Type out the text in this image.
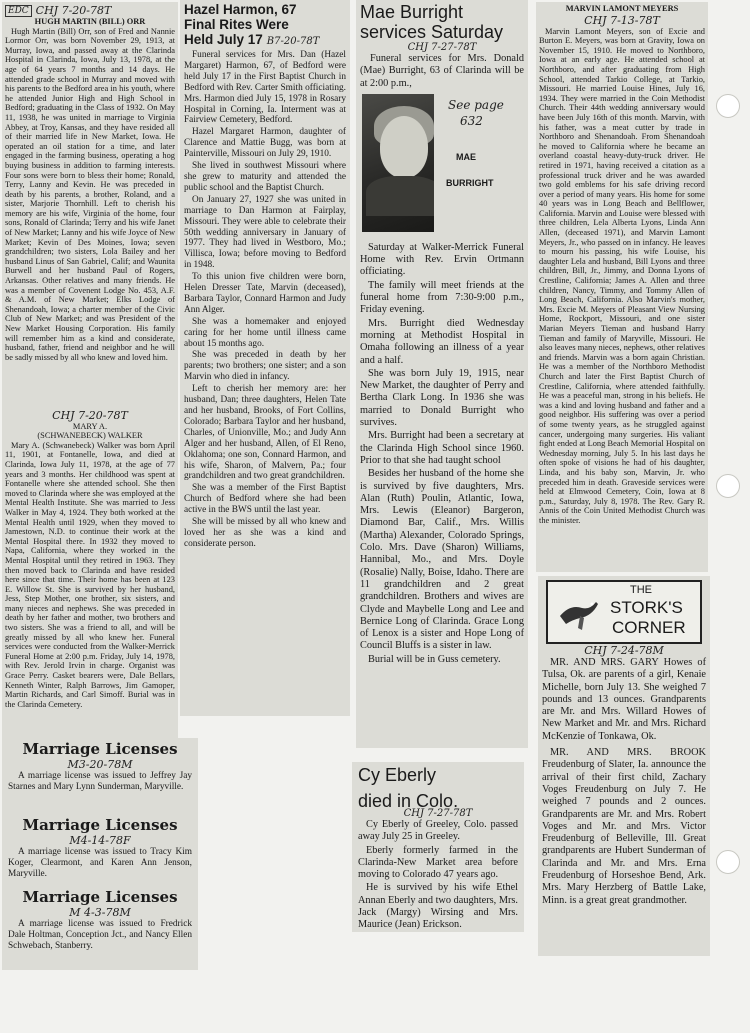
EDC CHJ 7-20-78T
HUGH MARTIN (BILL) ORR
Hugh Martin (Bill) Orr, son of Fred and Nannie Lormor Orr, was born November 29, 1913, at Murray, Iowa, and passed away at the Clarinda Hospital in Clarinda, Iowa, July 13, 1978, at the age of 64 years 7 months and 14 days. He attended grade school in Murray and moved with his parents to the Bedford area in his youth, where he attended Junior High and High School in Bedford; graduating in the Class of 1932. On May 11, 1938, he was united in marriage to Virginia Abbey, at Troy, Kansas, and they have resided all of their married life in New Market, Iowa. He operated an oil station for a time, and later engaged in the farming business, operating a hog buying business in addition to farming interests. Four sons were born to bless their home; Ronald, Terry, Lanny and Kevin. He was preceded in death by his parents, a brother, Roland, and a sister, Marjorie Thornhill. Left to cherish his memory are his wife, Virginia of the home, four sons, Ronald of Clarinda; Terry and his wife Janet of New Market; Lanny and his wife Joyce of New Market; Kevin of Des Moines, Iowa; seven grandchildren; two sisters, Lola Bailey and her husband Linus of San Gabriel, Calif; and Waunita Burwell and her husband Paul of Rogers, Arkansas. Other relatives and many friends. He was a member of Covenent Lodge No. 453, A.F. & A.M. of New Market; Elks Lodge of Shenandoah, Iowa; a charter member of the Civic Club of New Market; and was President of the New Market Housing Corporation. His family will remember him as a kind and considerate, husband, father, friend and neighbor and he will be sadly missed by all who knew and loved him.
CHJ 7-20-78T
MARY A.
(SCHWANEBECK) WALKER
Mary A. (Schwanebeck) Walker was born April 11, 1901, at Fontanelle, Iowa, and died at Clarinda, Iowa July 11, 1978, at the age of 77 years and 3 months. Her childhood was spent at Fontanelle where she attended school. She then moved to Clarinda where she was employed at the Mental Health Institute. She was married to Jess Walker in May 4, 1924. They both worked at the Mental Health until 1929, when they moved to Jamestown, N.D. to continue their work at the Mental Hospital there. In 1932 they moved to Napa, California, where they worked in the Mental Hospital until they retired in 1963. They then moved back to Clarinda and have resided here since that time. Their home has been at 123 E. Willow St. She is survived by her husband, Jess, Step Mother, one brother, six sisters, and many nieces and nephews. She was preceded in death by her father and mother, two brothers and two sisters. She was a friend to all, and will be greatly missed by all who knew her. Funeral services were conducted from the Walker-Merrick Funeral Home at 2:00 p.m. Friday, July 14, 1978, with Rev. Jerold Irvin in charge. Organist was Grace Perry. Casket bearers were, Dale Bellars, Kenneth Winter, Ralph Barrows, Jim Gamoper, Martin Richards, and Carl Simoff. Burial was in the Clarinda Cemetery.
Marriage Licenses
M3-20-78M
A marriage license was issued to Jeffrey Jay Starnes and Mary Lynn Sunderman, Maryville.
Marriage Licenses
M4-14-78F
A marriage license was issued to Tracy Kim Koger, Clearmont, and Karen Ann Jenson, Maryville.
Marriage Licenses
M 4-3-78M
A marriage license was issued to Fredrick Dale Holtman, Conception Jct., and Nancy Ellen Schwebach, Stanberry.
Hazel Harmon, 67
Final Rites Were
Held July 17 B7-20-78T

Funeral services for Mrs. Dan (Hazel Margaret) Harmon, 67, of Bedford were held July 17 in the First Baptist Church in Bedford with Rev. Carter Smith officiating. Mrs. Harmon died July 15, 1978 in Rosary Hospital in Corning, Ia. Interment was at Fairview Cemetery, Bedford.

Hazel Margaret Harmon, daughter of Clarence and Mattie Bugg, was born at Painterville, Missouri on July 29, 1910.

She lived in southwest Missouri where she grew to maturity and attended the public school and the Baptist Church.

On January 27, 1927 she was united in marriage to Dan Harmon at Fairplay, Missouri. They were able to celebrate their 50th wedding anniversary in January of 1977. They had lived in Westboro, Mo.; Villisca, Iowa; before moving to Bedford in 1948.

To this union five children were born, Helen Dresser Tate, Marvin (deceased), Barbara Taylor, Connard Harmon and Judy Ann Alger.

She was a homemaker and enjoyed caring for her home until illness came about 15 months ago.

She was preceded in death by her parents; two brothers; one sister; and a son Marvin who died in infancy.

Left to cherish her memory are: her husband, Dan; three daughters, Helen Tate and her husband, Brooks, of Fort Collins, Colorado; Barbara Taylor and her husband, Charles, of Unionville, Mo.; and Judy Ann Alger and her husband, Allen, of El Reno, Oklahoma; one son, Connard Harmon, and his wife, Sharon, of Malvern, Pa.; four grandchildren and two great grandchildren.

She was a member of the First Baptist Church of Bedford where she had been active in the BWS until the last year.

She will be missed by all who knew and loved her as she was a kind and considerate person.

Mae Burright
services Saturday
CHJ 7-27-78T
Funeral services for Mrs. Donald (Mae) Burright, 63 of Clarinda will be at 2:00 p.m.,
See page
632
MAE
BURRIGHT

Saturday at Walker-Merrick Funeral Home with Rev. Ervin Ortmann officiating.

The family will meet friends at the funeral home from 7:30-9:00 p.m., Friday evening.

Mrs. Burright died Wednesday morning at Methodist Hospital in Omaha following an illness of a year and a half.

She was born July 19, 1915, near New Market, the daughter of Perry and Bertha Clark Long. In 1936 she was married to Donald Burright who survives.

Mrs. Burright had been a secretary at the Clarinda High School since 1960. Prior to that she had taught school

Besides her husband of the home she is survived by five daughters, Mrs. Alan (Ruth) Poulin, Atlantic, Iowa, Mrs. Lewis (Eleanor) Bargeron, Diamond Bar, Calif., Mrs. Willis (Martha) Alexander, Colorado Springs, Colo. Mrs. Dave (Sharon) Williams, Hannibal, Mo., and Mrs. Doyle (Rosalie) Nally, Boise, Idaho. There are 11 grandchildren and 2 great grandchildren. Brothers and wives are Clyde and Maybelle Long and Lee and Bernice Long of Clarinda. Grace Long of Lenox is a sister and Hope Long of Council Bluffs is a sister in law.

Burial will be in Guss cemetery.

Cy Eberly
died in Colo.
CHJ 7-27-78T

Cy Eberly of Greeley, Colo. passed away July 25 in Greeley.

Eberly formerly farmed in the Clarinda-New Market area before moving to Colorado 47 years ago.

He is survived by his wife Ethel Annan Eberly and two daughters, Mrs. Jack (Margy) Wirsing and Mrs. Maurice (Jean) Erickson.

MARVIN LAMONT MEYERS
CHJ 7-13-78T
Marvin Lamont Meyers, son of Excie and Burton E. Meyers, was born at Gravity, Iowa on November 15, 1910. He moved to Northboro, Iowa at an early age. He attended school at Northboro, and after graduating from High School, attended Tarkio College, at Tarkio, Missouri. He married Louise Hines, July 16, 1934. They were married in the Coin Methodist Church. Their 44th wedding anniversary would have been July 16th of this month. Marvin, with his father, was a meat cutter by trade in Northboro and Shenandoah. From Shenandoah he moved to California where he became an overland coastal heavy-duty-truck driver. He retired in 1971, having received a citation as a professional truck driver and he was awarded two gold emblems for his safe driving record over a period of many years. His home for some 40 years was in Long Beach and Bellflower, California. Marvin and Louise were blessed with three children, Lela Alberta Lyons, Linda Ann Allen, (deceased 1971), and Marvin Lamont Meyers, Jr., who passed on in infancy. He leaves to mourn his passing, his wife Louise, his daughter Lela and husband, Bill Lyons and three children, Bill, Jr., Jimmy, and Donna Lyons of Crestline, California; James A. Allen and three children, Nancy, Timmy, and Tommy Allen of Long Beach, California. Also Marvin's mother, Mrs. Excie M. Meyers of Pleasant View Nursing Home, Rockport, Missouri, and one sister Marian Meyers Tieman and husband Harry Tieman and family of Maryville, Missouri. He also leaves many nieces, nephews, other relatives and friends. Marvin was a born again Christian. He was a member of the Northboro Methodist Church and later the First Baptist Church of Crestline, California, where attended faithfully. He was a peaceful man, strong in his beliefs. He was a kind and loving husband and father and a good neighbor. His suffering was over a period of some twenty years, as he struggled against cancer, undergoing many surgeries. His valiant fight ended at Long Beach Memorial Hospital on Wednesday morning, July 5. In his last days he often spoke of visions he had of his daughter, Linda, and his baby son, Marvin, Jr. who preceded him in death. Graveside services were held at Elmwood Cemetery, Coin, Iowa at 8 p.m., Saturday, July 8, 1978. The Rev. Gary R. Annis of the Coin United Methodist Church was the minister.
THE
STORK'S
CORNER
CHJ 7-24-78M

MR. AND MRS. GARY Howes of Tulsa, Ok. are parents of a girl, Kenaie Michelle, born July 13. She weighed 7 pounds and 13 ounces. Grandparents are Mr. and Mrs. Willard Howes of New Market and Mr. and Mrs. Richard McKenzie of Tonkawa, Ok.

MR. AND MRS. BROOK Freudenburg of Slater, Ia. announce the arrival of their first child, Zachary Voges Freudenburg on July 7. He weighed 7 pounds and 2 ounces. Grandparents are Mr. and Mrs. Robert Voges and Mr. and Mrs. Victor Freudenburg of Belleville, Ill. Great grandparents are Hubert Sunderman of Clarinda and Mr. and Mrs. Erna Freudenburg of Horseshoe Bend, Ark. Mrs. Mary Herzberg of Battle Lake, Minn. is a great great grandmother.
